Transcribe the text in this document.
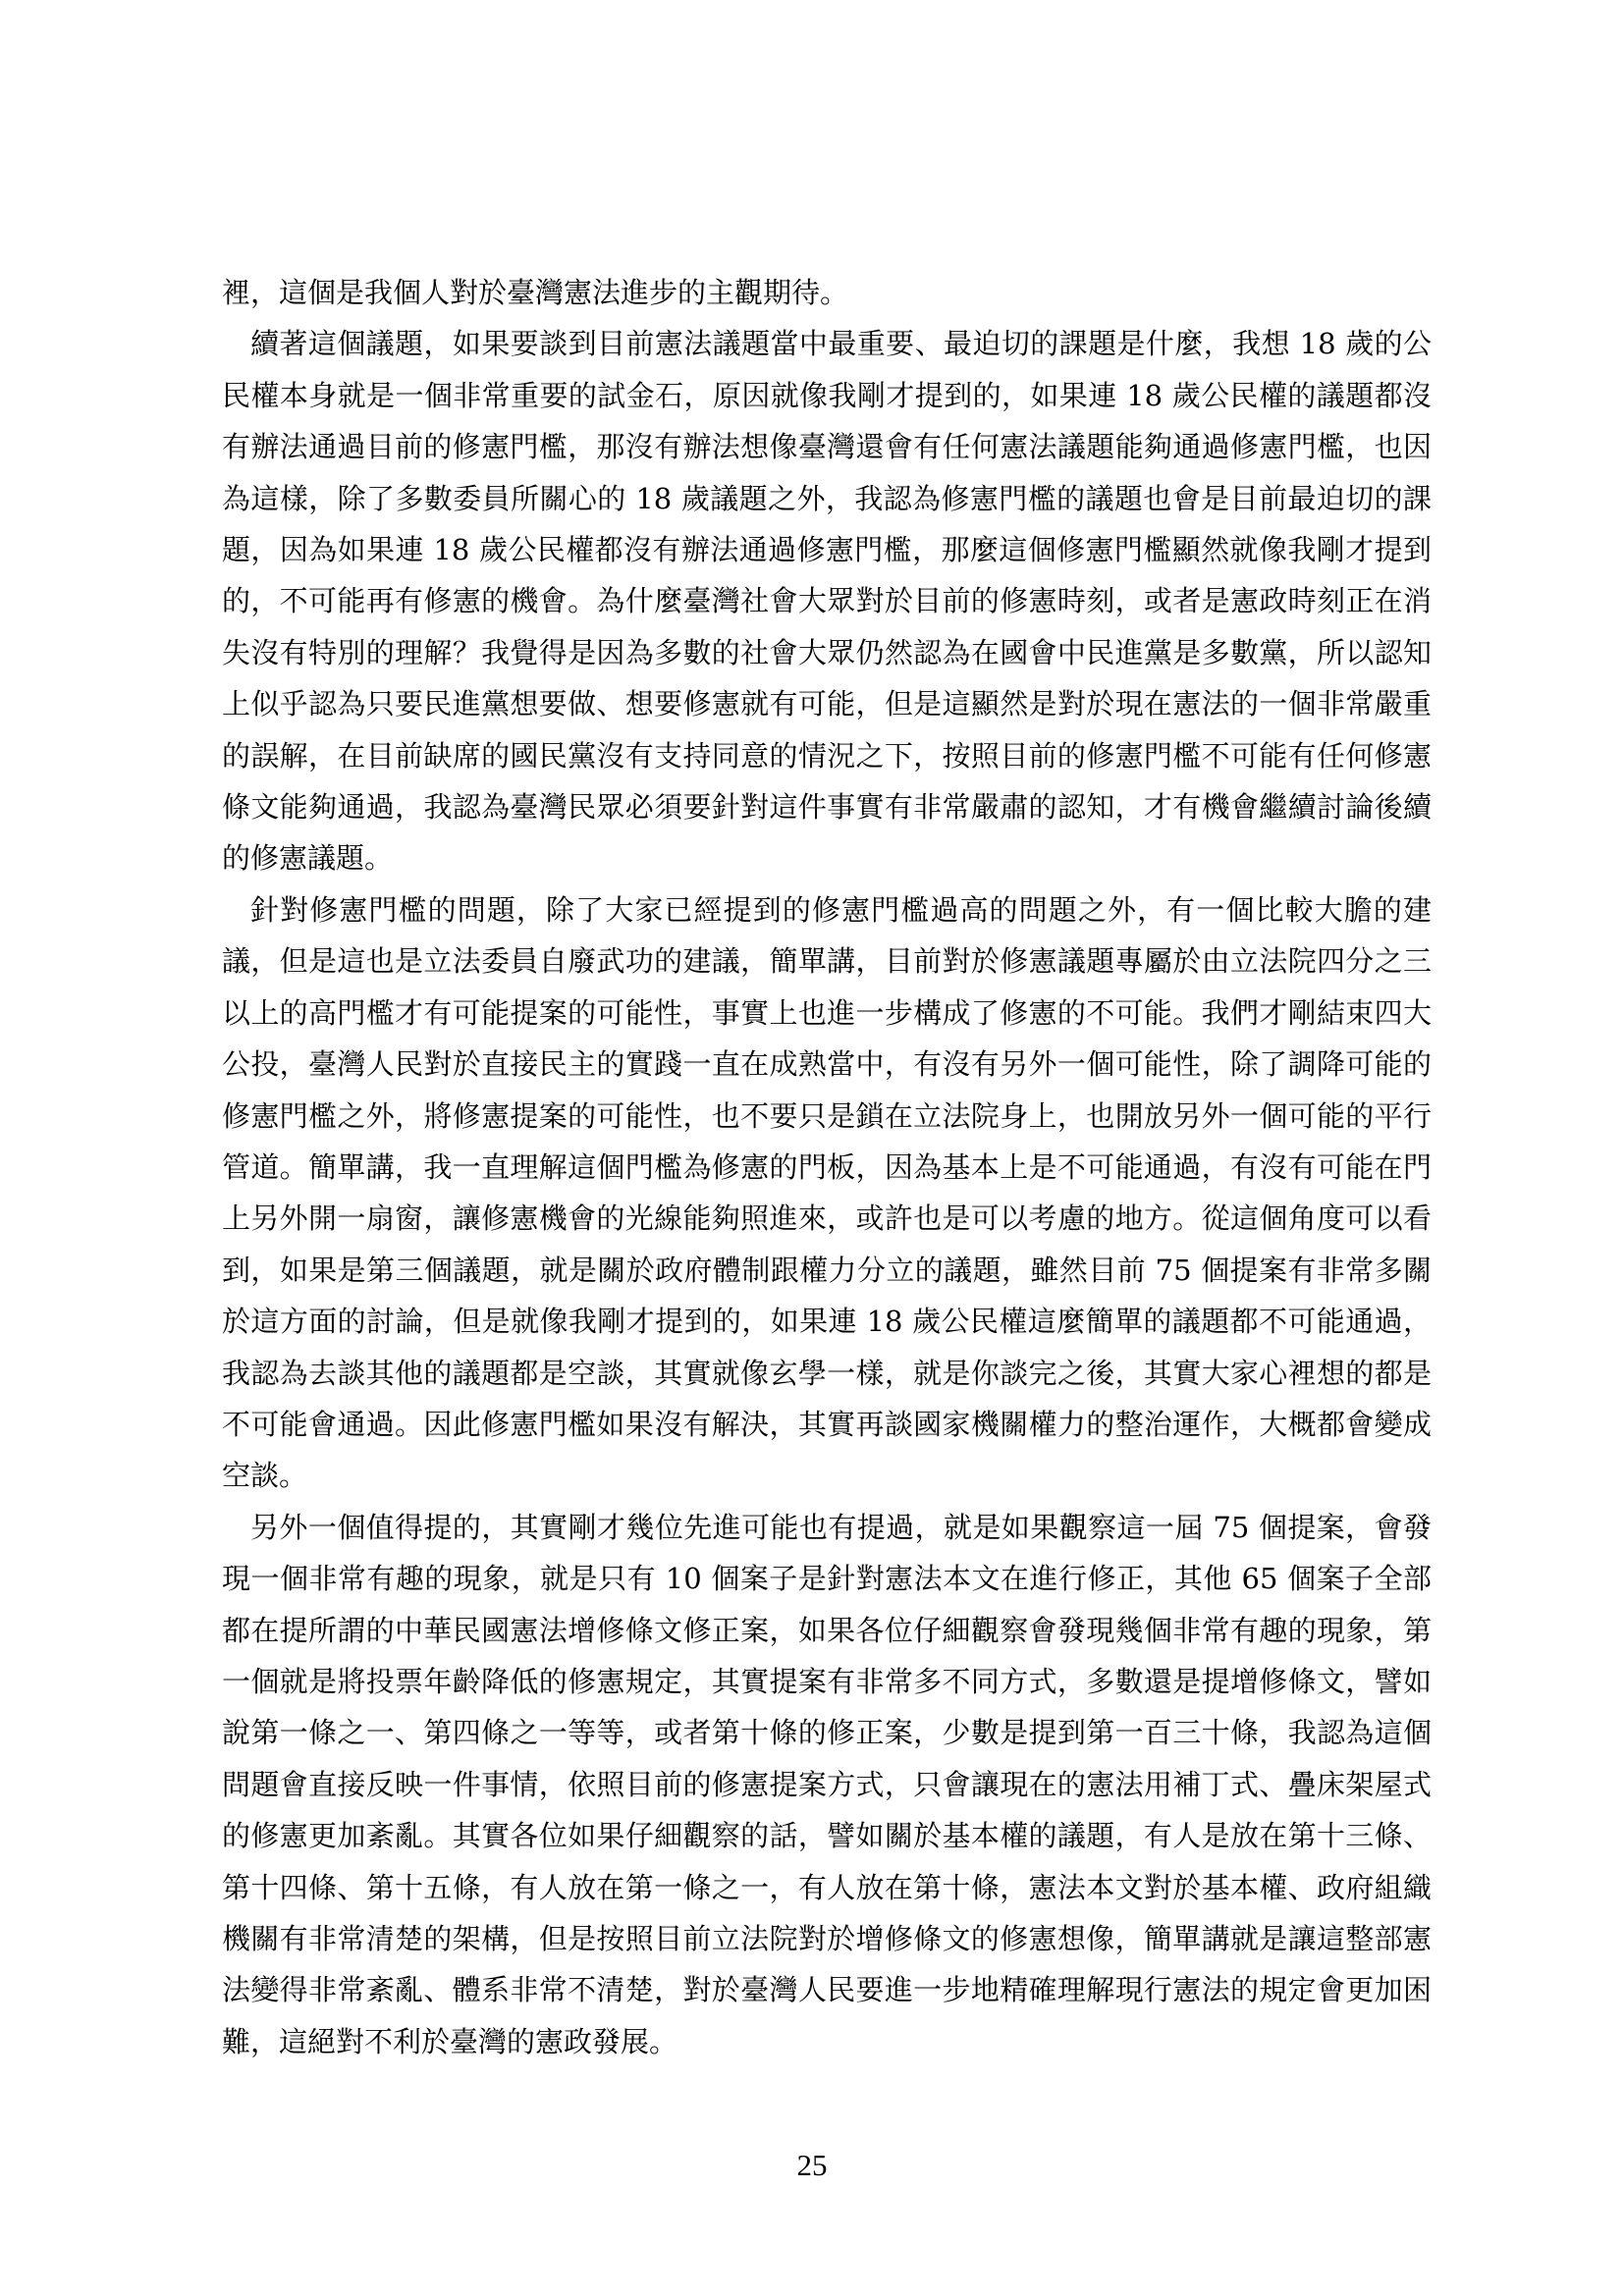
裡，這個是我個人對於臺灣憲法進步的主觀期待。

續著這個議題，如果要談到目前憲法議題當中最重要、最迫切的課題是什麼，我想 18 歲的公民權本身就是一個非常重要的試金石，原因就像我剛才提到的，如果連 18 歲公民權的議題都沒有辦法通過目前的修憲門檻，那沒有辦法想像臺灣還會有任何憲法議題能夠通過修憲門檻，也因為這樣，除了多數委員所關心的 18 歲議題之外，我認為修憲門檻的議題也會是目前最迫切的課題，因為如果連 18 歲公民權都沒有辦法通過修憲門檻，那麼這個修憲門檻顯然就像我剛才提到的，不可能再有修憲的機會。為什麼臺灣社會大眾對於目前的修憲時刻，或者是憲政時刻正在消失沒有特別的理解？我覺得是因為多數的社會大眾仍然認為在國會中民進黨是多數黨，所以認知上似乎認為只要民進黨想要做、想要修憲就有可能，但是這顯然是對於現在憲法的一個非常嚴重的誤解，在目前缺席的國民黨沒有支持同意的情況之下，按照目前的修憲門檻不可能有任何修憲條文能夠通過，我認為臺灣民眾必須要針對這件事實有非常嚴肅的認知，才有機會繼續討論後續的修憲議題。

針對修憲門檻的問題，除了大家已經提到的修憲門檻過高的問題之外，有一個比較大膽的建議，但是這也是立法委員自廢武功的建議，簡單講，目前對於修憲議題專屬於由立法院四分之三以上的高門檻才有可能提案的可能性，事實上也進一步構成了修憲的不可能。我們才剛結束四大公投，臺灣人民對於直接民主的實踐一直在成熟當中，有沒有另外一個可能性，除了調降可能的修憲門檻之外，將修憲提案的可能性，也不要只是鎖在立法院身上，也開放另外一個可能的平行管道。簡單講，我一直理解這個門檻為修憲的門板，因為基本上是不可能通過，有沒有可能在門上另外開一扇窗，讓修憲機會的光線能夠照進來，或許也是可以考慮的地方。從這個角度可以看到，如果是第三個議題，就是關於政府體制跟權力分立的議題，雖然目前 75 個提案有非常多關於這方面的討論，但是就像我剛才提到的，如果連 18 歲公民權這麼簡單的議題都不可能通過，我認為去談其他的議題都是空談，其實就像玄學一樣，就是你談完之後，其實大家心裡想的都是不可能會通過。因此修憲門檻如果沒有解決，其實再談國家機關權力的整治運作，大概都會變成空談。

另外一個值得提的，其實剛才幾位先進可能也有提過，就是如果觀察這一屆 75 個提案，會發現一個非常有趣的現象，就是只有 10 個案子是針對憲法本文在進行修正，其他 65 個案子全部都在提所謂的中華民國憲法增修條文修正案，如果各位仔細觀察會發現幾個非常有趣的現象，第一個就是將投票年齡降低的修憲規定，其實提案有非常多不同方式，多數還是提增修條文，譬如說第一條之一、第四條之一等等，或者第十條的修正案，少數是提到第一百三十條，我認為這個問題會直接反映一件事情，依照目前的修憲提案方式，只會讓現在的憲法用補丁式、疊床架屋式的修憲更加紊亂。其實各位如果仔細觀察的話，譬如關於基本權的議題，有人是放在第十三條、第十四條、第十五條，有人放在第一條之一，有人放在第十條，憲法本文對於基本權、政府組織機關有非常清楚的架構，但是按照目前立法院對於增修條文的修憲想像，簡單講就是讓這整部憲法變得非常紊亂、體系非常不清楚，對於臺灣人民要進一步地精確理解現行憲法的規定會更加困難，這絕對不利於臺灣的憲政發展。

25
